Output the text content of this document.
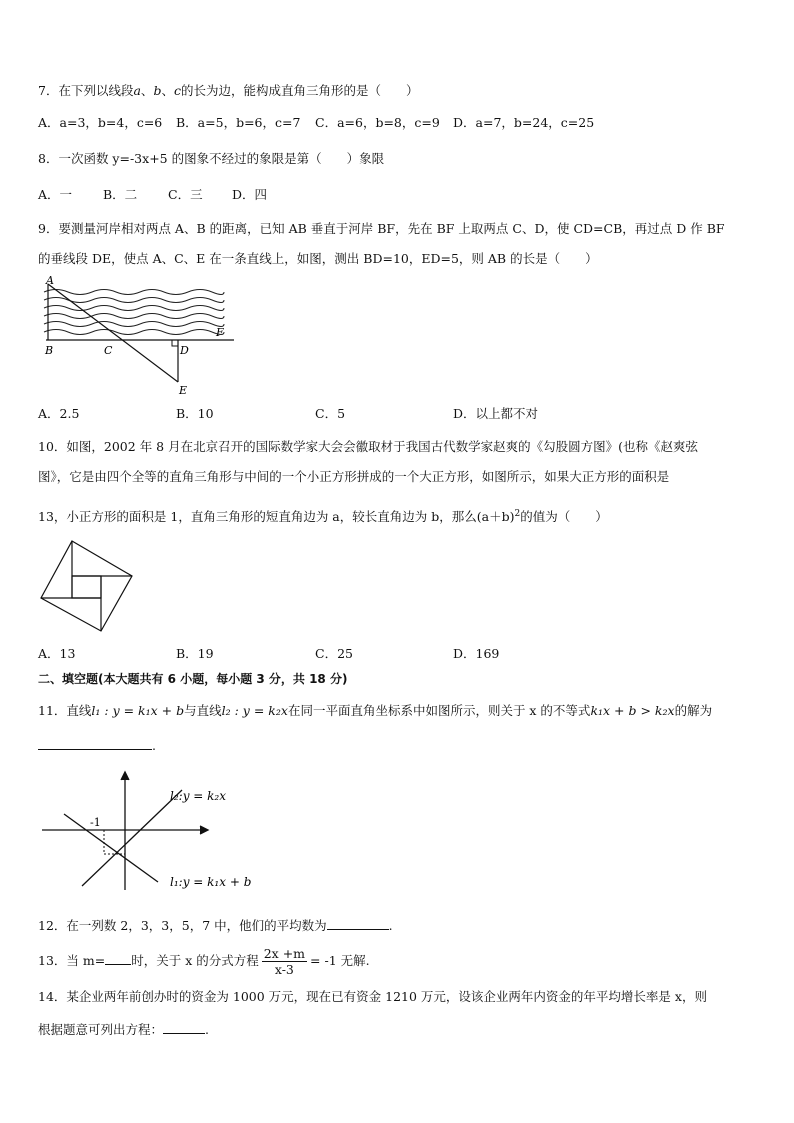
7．在下列以线段a、b、c的长为边，能构成直角三角形的是（　　）
A．a=3，b=4，c=6 B．a=5，b=6，c=7 C．a=6，b=8，c=9 D．a=7，b=24，c=25
8．一次函数 y=-3x+5 的图象不经过的象限是第（　　）象限
A．一 B．二 C．三 D．四
9．要测量河岸相对两点 A、B 的距离，已知 AB 垂直于河岸 BF，先在 BF 上取两点 C、D，使 CD=CB，再过点 D 作 BF
的垂线段 DE，使点 A、C、E 在一条直线上，如图，测出 BD=10，ED=5，则 AB 的长是（　　）
A
B	C	D
E
F
A．2.5	B．10	C．5	D．以上都不对
10．如图，2002 年 8 月在北京召开的国际数学家大会会徽取材于我国古代数学家赵爽的《勾股圆方图》(也称《赵爽弦
图》，它是由四个全等的直角三角形与中间的一个小正方形拼成的一个大正方形，如图所示，如果大正方形的面积是
13，小正方形的面积是 1，直角三角形的短直角边为 a，较长直角边为 b，那么$(a+b)^2$的值为（　　）
A．13	B．19	C．25	D．169
二、填空题(本大题共有 6 小题，每小题 3 分，共 18 分)
11．直线l₁ : y = k₁x + b与直线l₂ : y = k₂x在同一平面直角坐标系中如图所示，则关于 x 的不等式k₁x + b > k₂x的解为
.
-1
l₂:y = k₂x
l₁:y = k₁x + b
12．在一列数 2，3，3，5，7 中，他们的平均数为	.
13．当 m= 时，关于 x 的分式方程 $\frac{2x +m}{x-3} = -1$ 无解.
14．某企业两年前创办时的资金为 1000 万元，现在已有资金 1210 万元，设该企业两年内资金的年平均增长率是 x，则
根据题意可列出方程：	.
